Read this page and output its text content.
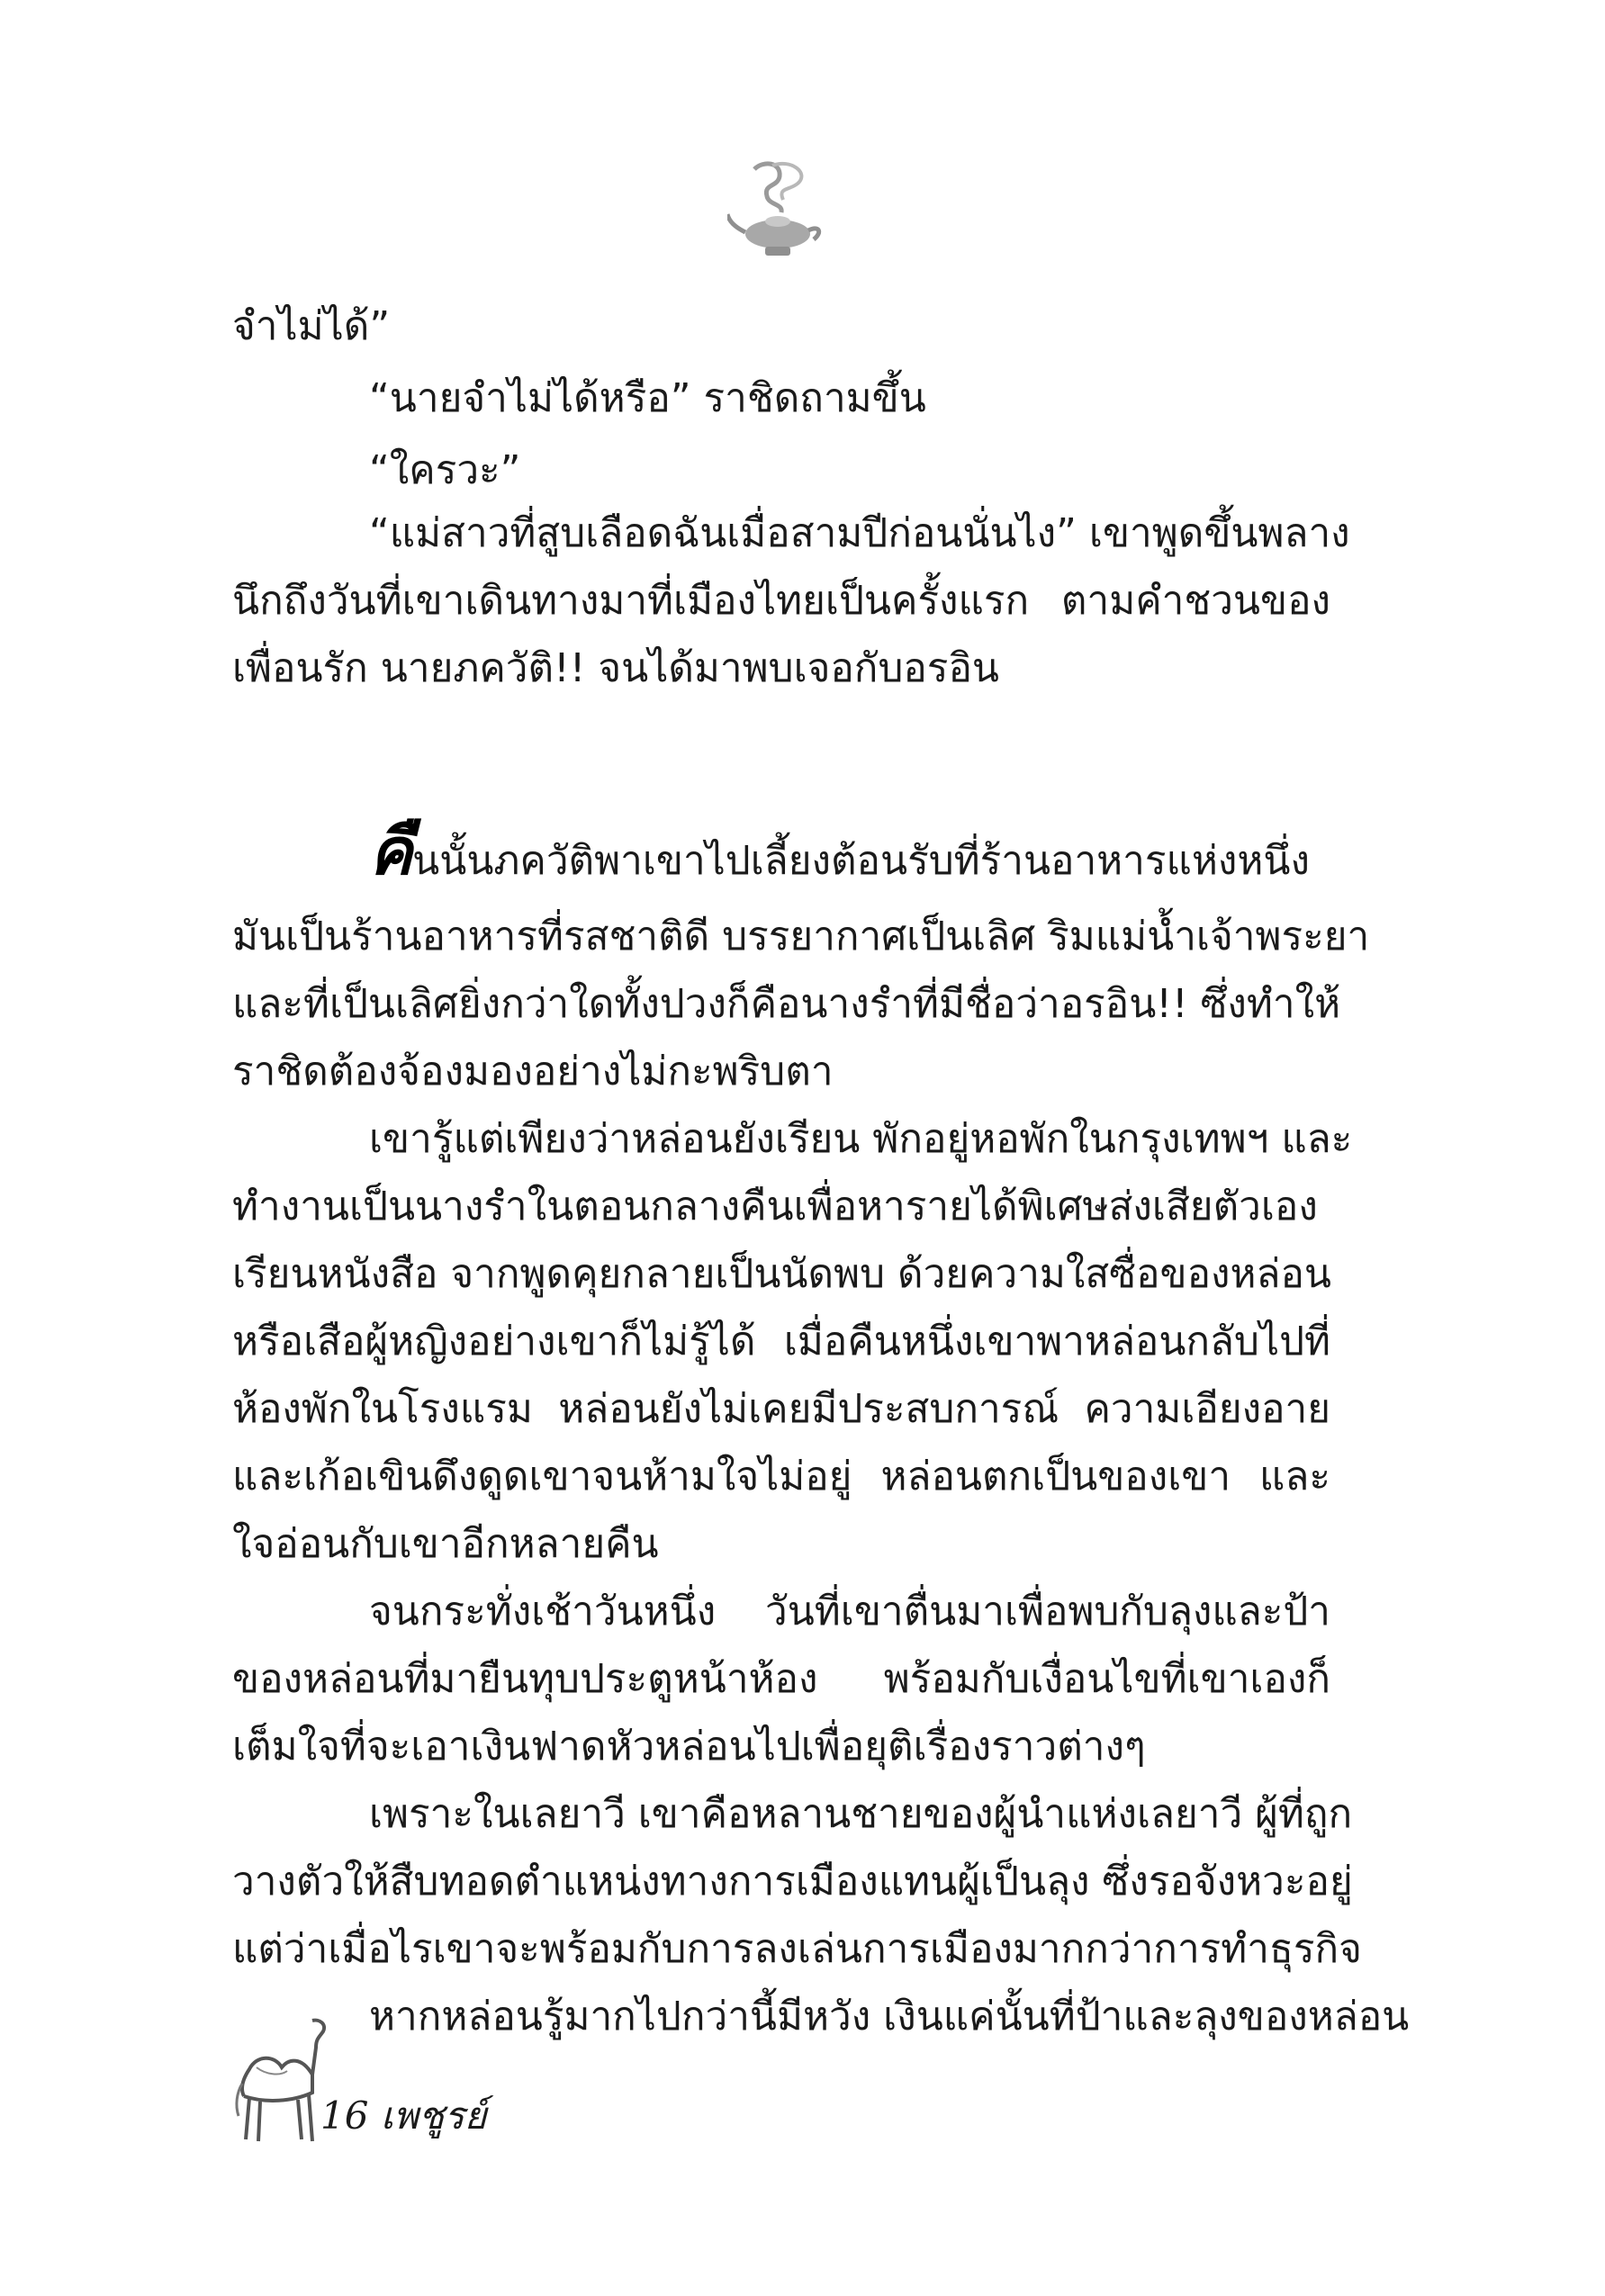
จำไม่ได้”

“นายจำไม่ได้หรือ” ราชิดถามขึ้น

“ใครวะ”

“แม่สาวที่สูบเลือดฉันเมื่อสามปีก่อนนั่นไง” เขาพูดขึ้นพลาง

นึกถึงวันที่เขาเดินทางมาที่เมืองไทยเป็นครั้งแรก ตามคำชวนของ

เพื่อนรัก นายภควัติ!! จนได้มาพบเจอกับอรอิน

คืนนั้นภควัติพาเขาไปเลี้ยงต้อนรับที่ร้านอาหารแห่งหนึ่ง

มันเป็นร้านอาหารที่รสชาติดี บรรยากาศเป็นเลิศ ริมแม่น้ำเจ้าพระยา

และที่เป็นเลิศยิ่งกว่าใดทั้งปวงก็คือนางรำที่มีชื่อว่าอรอิน!! ซึ่งทำให้

ราชิดต้องจ้องมองอย่างไม่กะพริบตา

เขารู้แต่เพียงว่าหล่อนยังเรียน พักอยู่หอพักในกรุงเทพฯ และ

ทำงานเป็นนางรำในตอนกลางคืนเพื่อหารายได้พิเศษส่งเสียตัวเอง

เรียนหนังสือ จากพูดคุยกลายเป็นนัดพบ ด้วยความใสซื่อของหล่อน

หรือเสือผู้หญิงอย่างเขาก็ไม่รู้ได้ เมื่อคืนหนึ่งเขาพาหล่อนกลับไปที่

ห้องพักในโรงแรม หล่อนยังไม่เคยมีประสบการณ์ ความเอียงอาย

และเก้อเขินดึงดูดเขาจนห้ามใจไม่อยู่ หล่อนตกเป็นของเขา และ

ใจอ่อนกับเขาอีกหลายคืน

จนกระทั่งเช้าวันหนึ่ง วันที่เขาตื่นมาเพื่อพบกับลุงและป้า

ของหล่อนที่มายืนทุบประตูหน้าห้อง พร้อมกับเงื่อนไขที่เขาเองก็

เต็มใจที่จะเอาเงินฟาดหัวหล่อนไปเพื่อยุติเรื่องราวต่างๆ

เพราะในเลยาวี เขาคือหลานชายของผู้นำแห่งเลยาวี ผู้ที่ถูก

วางตัวให้สืบทอดตำแหน่งทางการเมืองแทนผู้เป็นลุง ซึ่งรอจังหวะอยู่

แต่ว่าเมื่อไรเขาจะพร้อมกับการลงเล่นการเมืองมากกว่าการทำธุรกิจ

หากหล่อนรู้มากไปกว่านี้มีหวัง เงินแค่นั้นที่ป้าและลุงของหล่อน

16 เพชูรย์
